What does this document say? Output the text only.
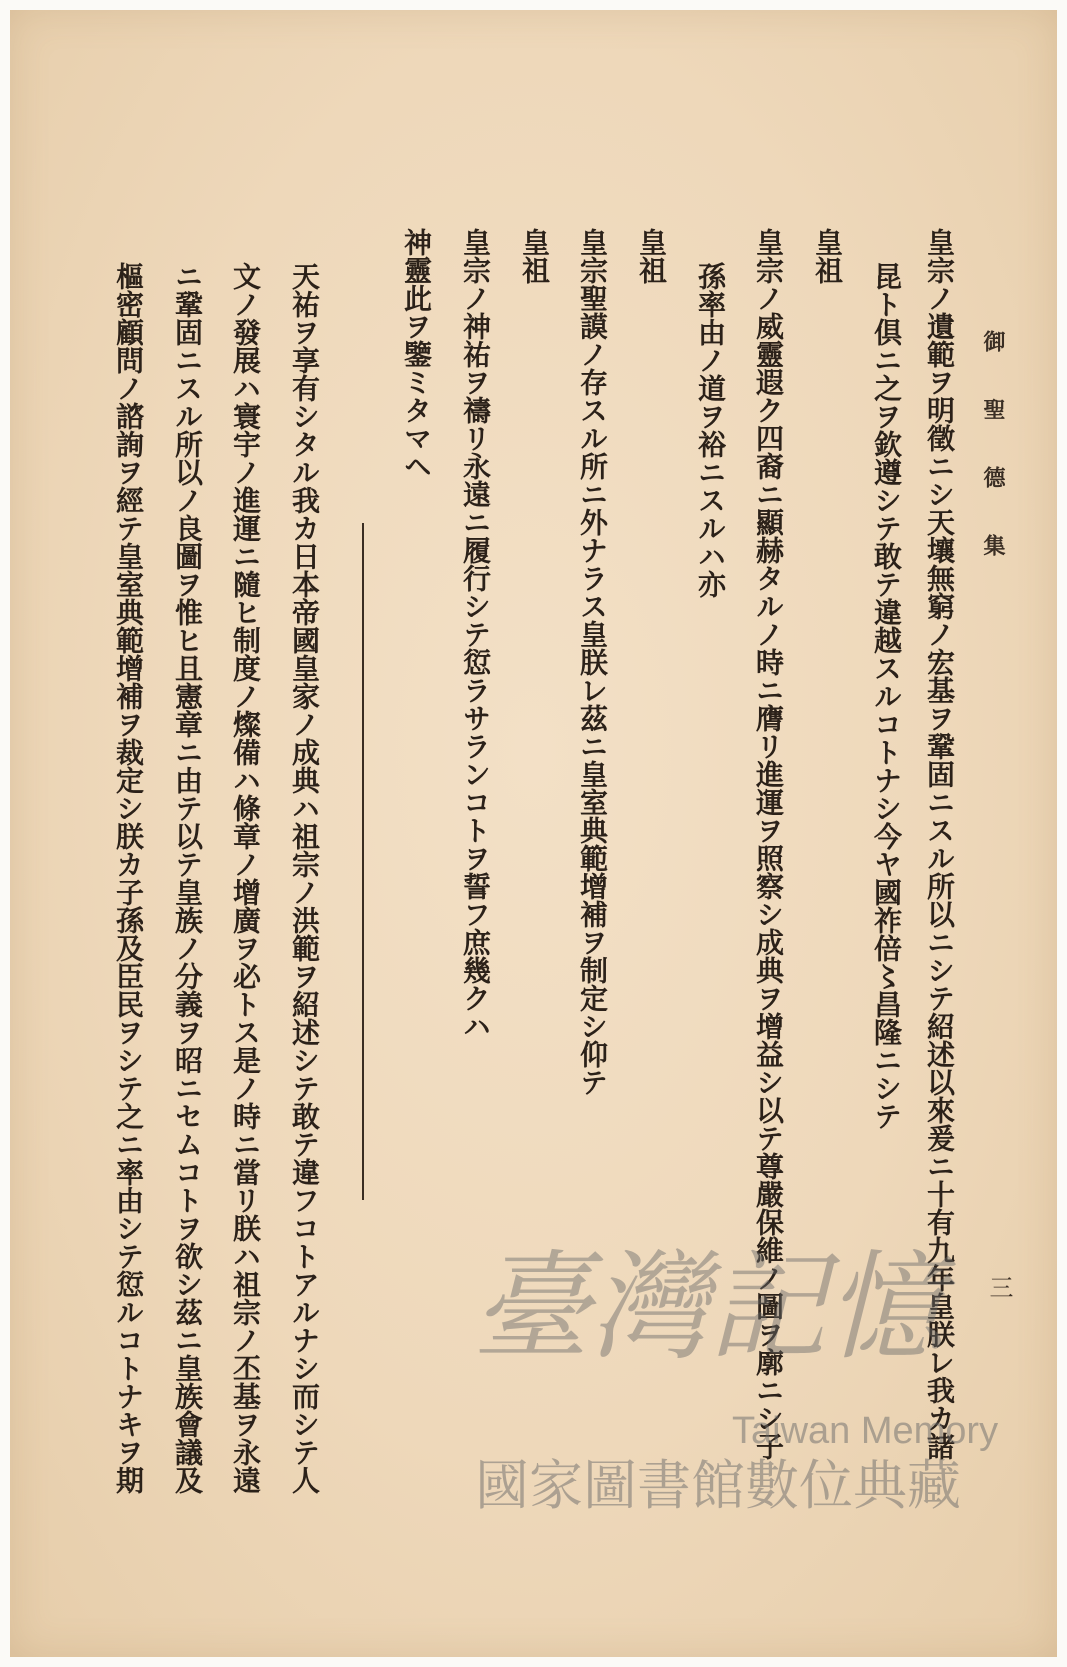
御 聖 德 集
三
皇宗ノ遺範ヲ明徵ニシ天壤無窮ノ宏基ヲ鞏固ニスル所以ニシテ紹述以來爰ニ十有九年皇朕レ我カ諸
昆ト倶ニ之ヲ欽遵シテ敢テ違越スルコトナシ今ヤ國祚倍〻昌隆ニシテ
皇祖
皇宗ノ威靈遐ク四裔ニ顯赫タルノ時ニ膺リ進運ヲ照察シ成典ヲ增益シ以テ尊嚴保維ノ圖ヲ廓ニシ子
孫率由ノ道ヲ裕ニスルハ亦
皇祖
皇宗聖謨ノ存スル所ニ外ナラス皇朕レ茲ニ皇室典範增補ヲ制定シ仰テ
皇祖
皇宗ノ神祐ヲ禱リ永遠ニ履行シテ愆ラサランコトヲ誓フ庶幾クハ
神靈此ヲ鑒ミタマヘ
天祐ヲ享有シタル我カ日本帝國皇家ノ成典ハ祖宗ノ洪範ヲ紹述シテ敢テ違フコトアルナシ而シテ人
文ノ發展ハ寰宇ノ進運ニ隨ヒ制度ノ燦備ハ條章ノ增廣ヲ必トス是ノ時ニ當リ朕ハ祖宗ノ丕基ヲ永遠
ニ鞏固ニスル所以ノ良圖ヲ惟ヒ且憲章ニ由テ以テ皇族ノ分義ヲ昭ニセムコトヲ欲シ茲ニ皇族會議及
樞密顧問ノ諮詢ヲ經テ皇室典範增補ヲ裁定シ朕カ子孫及臣民ヲシテ之ニ率由シテ愆ルコトナキヲ期	臺灣記憶
Taiwan Memory
國家圖書館數位典藏
